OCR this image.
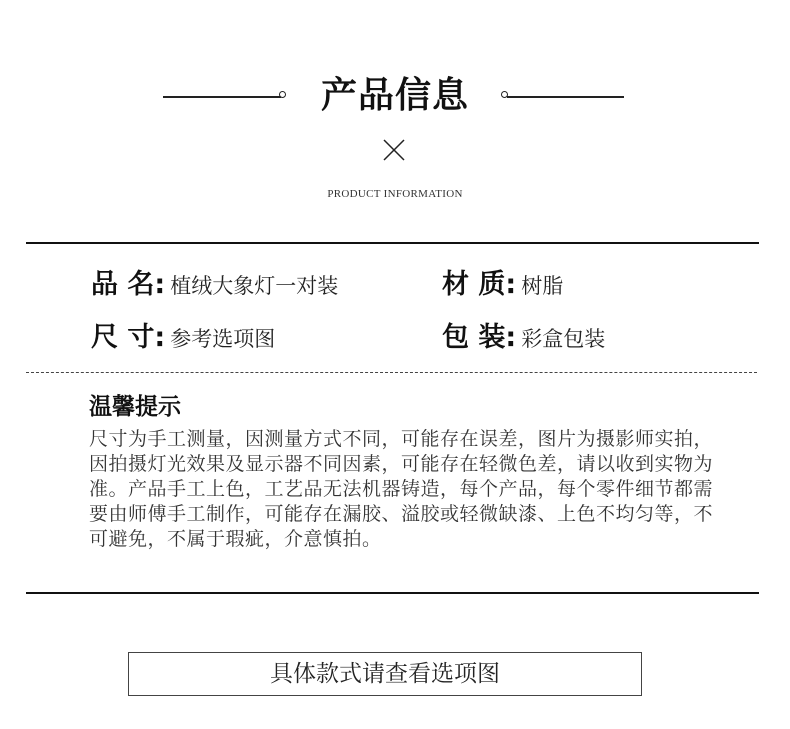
产品信息
PRODUCT INFORMATION
品 名: 植绒大象灯一对装	材 质: 树脂
尺 寸: 参考选项图	包 装: 彩盒包装
温馨提示
尺寸为手工测量，因测量方式不同，可能存在误差，图片为摄影师实拍，因拍摄灯光效果及显示器不同因素，可能存在轻微色差，请以收到实物为准。产品手工上色，工艺品无法机器铸造，每个产品，每个零件细节都需要由师傅手工制作，可能存在漏胶、溢胶或轻微缺漆、上色不均匀等，不可避免，不属于瑕疵，介意慎拍。
具体款式请查看选项图
